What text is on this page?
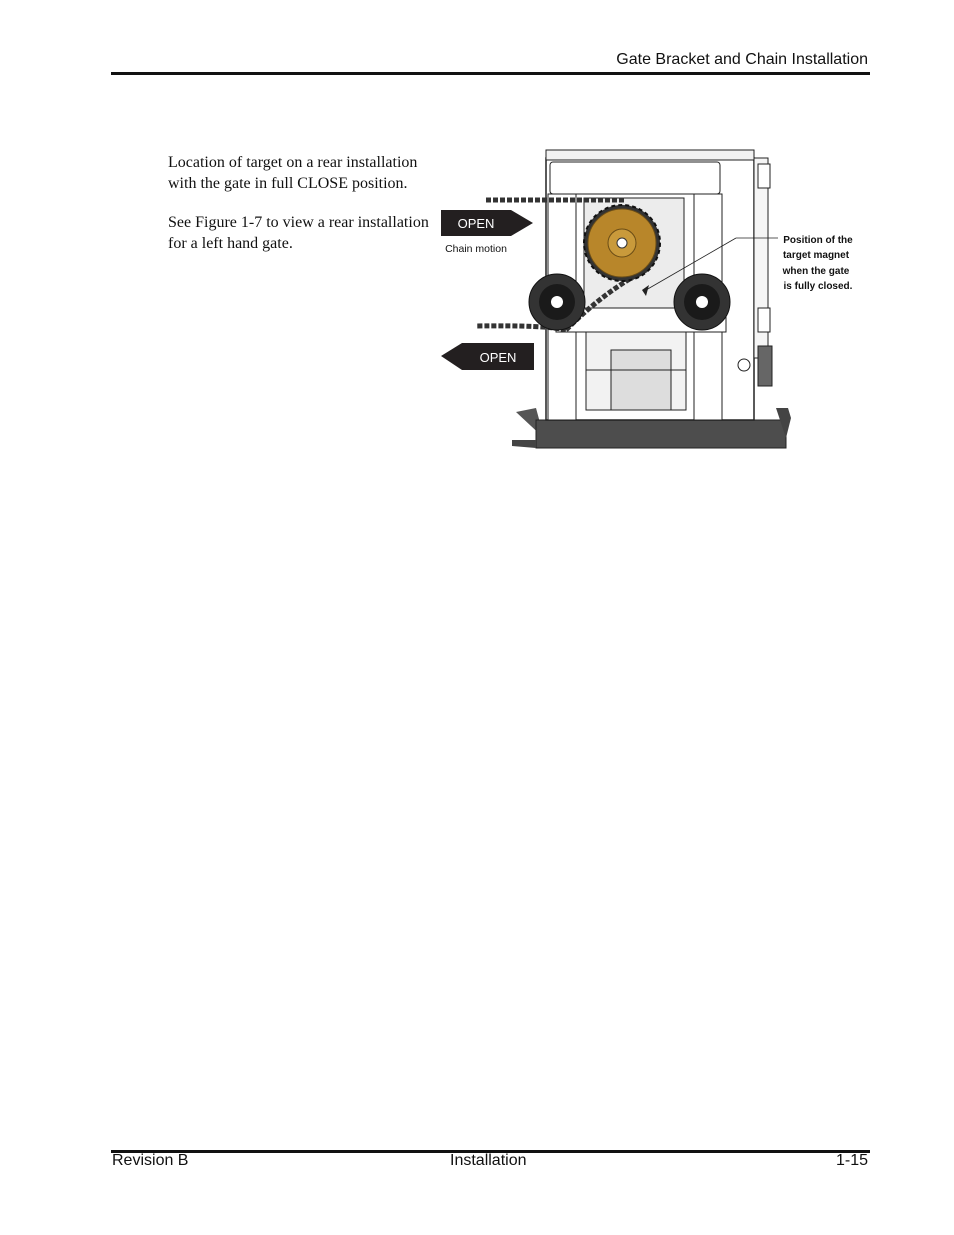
Gate Bracket and Chain Installation
Location of target on a rear installation with the gate in full CLOSE position.
See Figure 1-7 to view a rear installation for a left hand gate.
OPEN
Chain motion
OPEN
Position of the
target magnet
when the gate
is fully closed.
Revision B	Installation	1-15
